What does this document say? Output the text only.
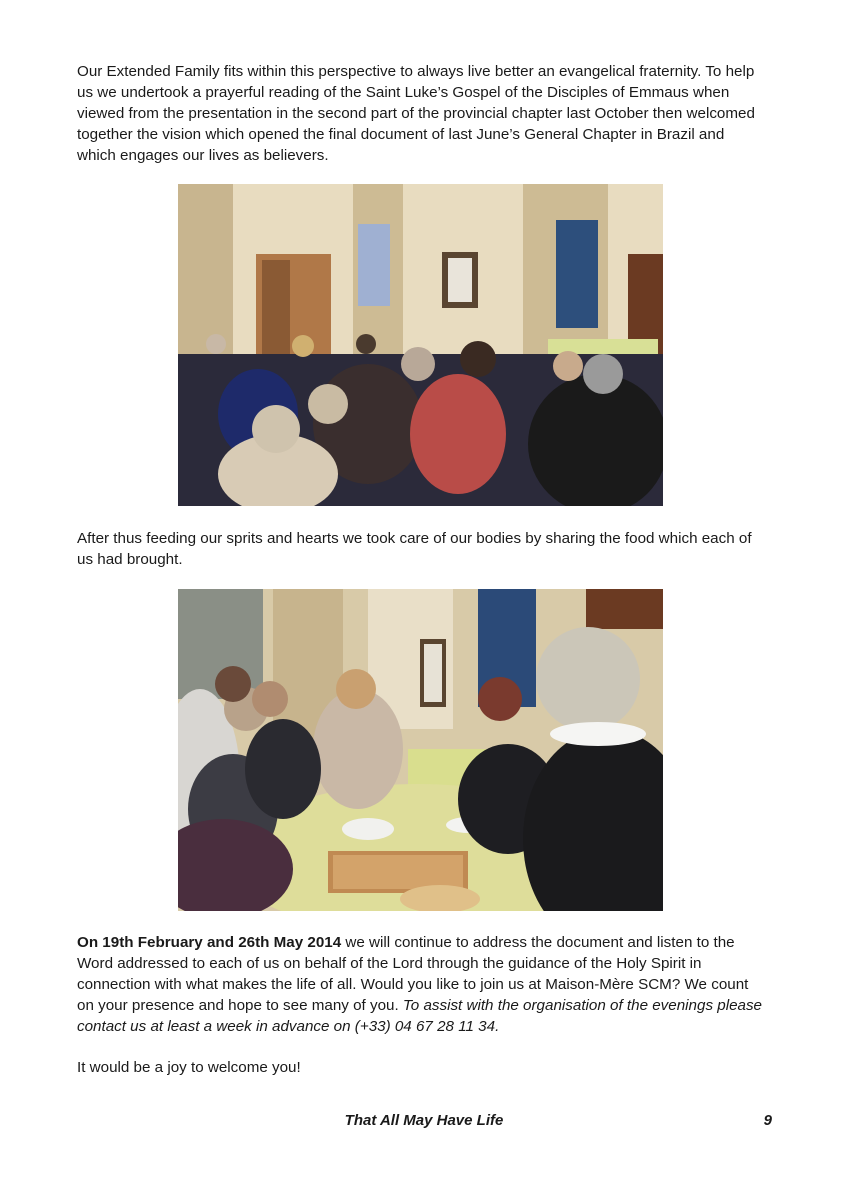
Our Extended Family fits within this perspective to always live better an evangelical fraternity. To help us we undertook a prayerful reading of the Saint Luke’s Gospel of the Disciples of Emmaus when viewed from the presentation in the second part of the provincial chapter last October then welcomed together the vision which opened the final document of last June’s General Chapter in Brazil and which engages our lives as believers.

After thus feeding our sprits and hearts we took care of our bodies by sharing the food which each of us had brought.

On 19th February and 26th May 2014 we will continue to address the document and listen to the Word addressed to each of us on behalf of the Lord through the guidance of the Holy Spirit in connection with what makes the life of all. Would you like to join us at Maison-Mère SCM? We count on your presence and hope to see many of you. To assist with the organisation of the evenings please contact us at least a week in advance on (+33) 04 67 28 11 34.

It would be a joy to welcome you!

That All May Have Life	9
